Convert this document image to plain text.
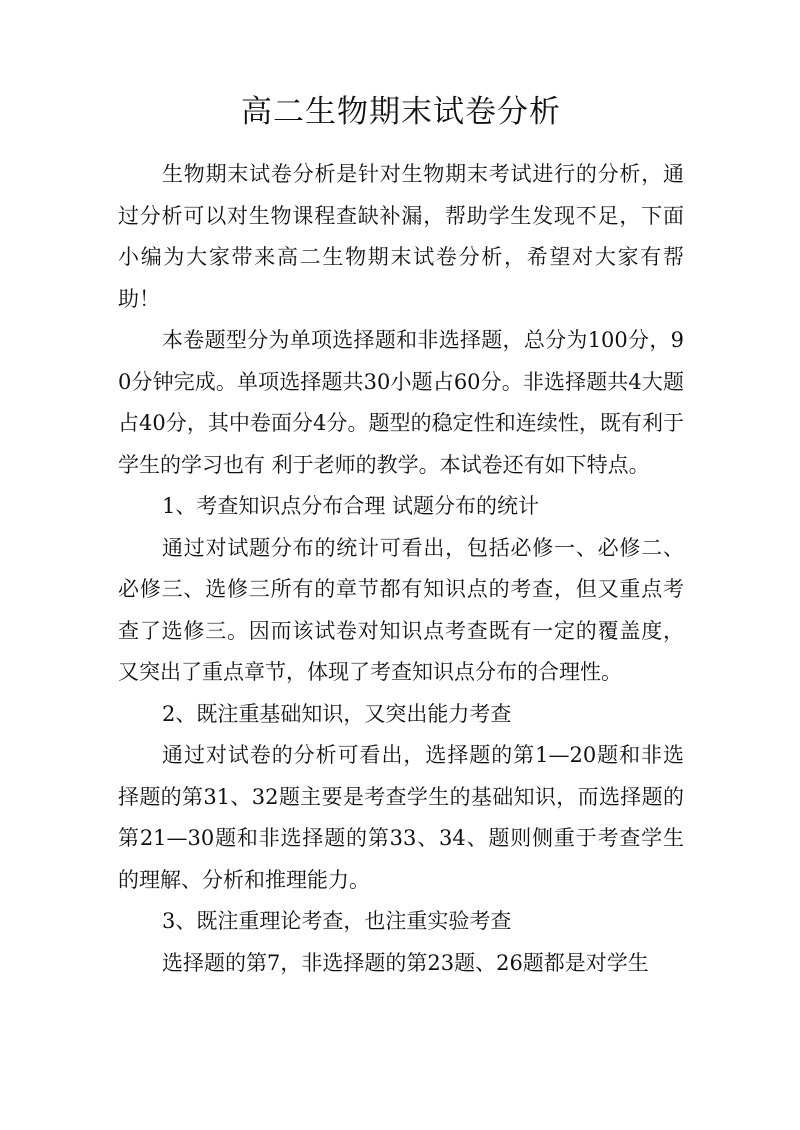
高二生物期末试卷分析

生物期末试卷分析是针对生物期末考试进行的分析，通过分析可以对生物课程查缺补漏，帮助学生发现不足，下面小编为大家带来高二生物期末试卷分析，希望对大家有帮助！

本卷题型分为单项选择题和非选择题，总分为100分，90分钟完成。单项选择题共30小题占60分。非选择题共4大题占40分，其中卷面分4分。题型的稳定性和连续性，既有利于学生的学习也有 利于老师的教学。本试卷还有如下特点。

1、考查知识点分布合理 试题分布的统计

通过对试题分布的统计可看出，包括必修一、必修二、必修三、选修三所有的章节都有知识点的考查，但又重点考查了选修三。因而该试卷对知识点考查既有一定的覆盖度，又突出了重点章节，体现了考查知识点分布的合理性。

2、既注重基础知识，又突出能力考查

通过对试卷的分析可看出，选择题的第1—20题和非选择题的第31、32题主要是考查学生的基础知识，而选择题的第21—30题和非选择题的第33、34、题则侧重于考查学生的理解、分析和推理能力。

3、既注重理论考查，也注重实验考查

选择题的第7，非选择题的第23题、26题都是对学生
